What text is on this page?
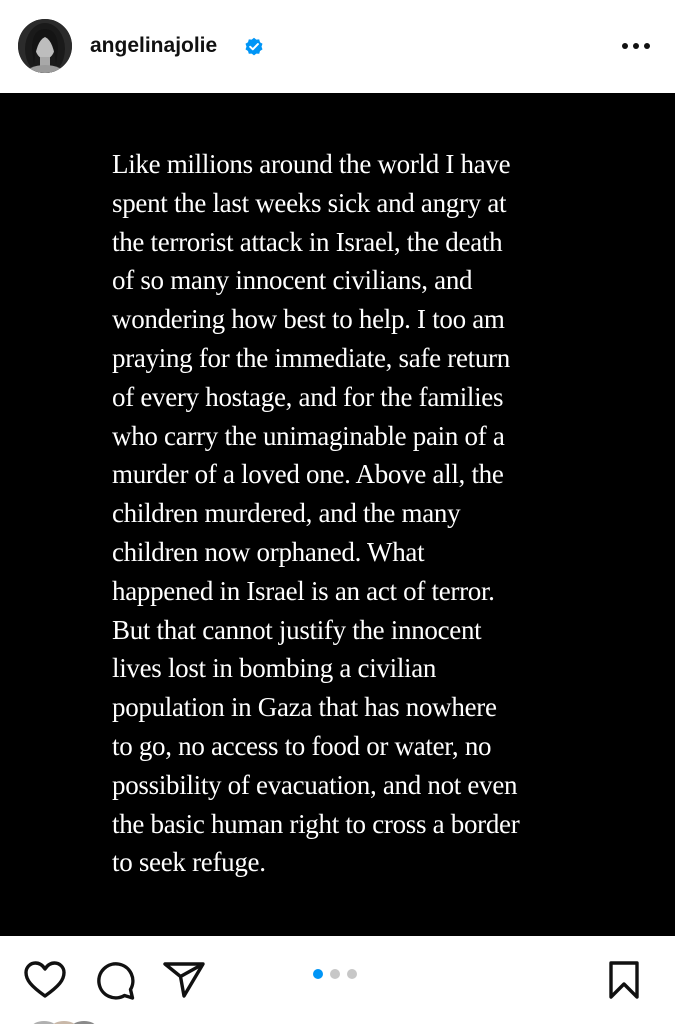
angelinajolie

Like millions around the world I have
spent the last weeks sick and angry at
the terrorist attack in Israel, the death
of so many innocent civilians, and
wondering how best to help. I too am
praying for the immediate, safe return
of every hostage, and for the families
who carry the unimaginable pain of a
murder of a loved one. Above all, the
children murdered, and the many
children now orphaned. What
happened in Israel is an act of terror.
But that cannot justify the innocent
lives lost in bombing a civilian
population in Gaza that has nowhere
to go, no access to food or water, no
possibility of evacuation, and not even
the basic human right to cross a border
to seek refuge.
